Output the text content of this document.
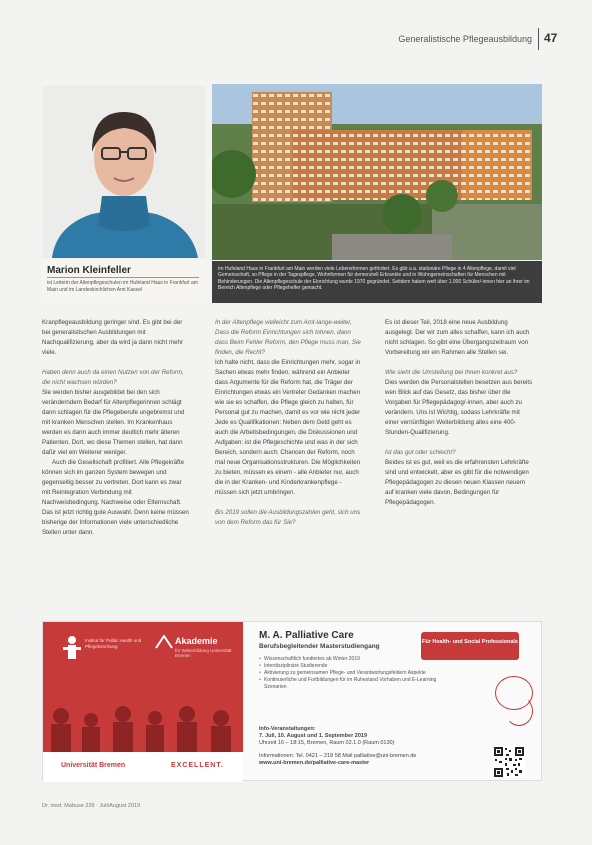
Generalistische Pflegeausbildung 47
Marion Kleinfeller
ist Leiterin der Altenpflegeschulen im Hufeland Haus in Frankfurt am Main und im Landeskirchlichen Amt Kassel
Im Hufeland Haus in Frankfurt am Main werden viele Lebensformen gefördert. Es gibt u.a. stationäre Pflege in 4 Altenpflege, damit viel Gemeinschaft, so Pflege in der Tagespflege, Wohnformen für demenziell Erkrankte und in Wohngemeinschaften für Menschen mit Behinderungen. Die Altenpflegeschule der Einrichtung wurde 1970 gegründet. Seitdem haben weit über 1.000 Schüler/-innen hier an ihrer im Bereich Altenpflege oder Pflegehelfer gemacht.

Kranpflegeausbildung geringer sind. Es gibt bei der bei generalistischen Ausbildungen mit Nachqualifizierung, aber da wird ja dann nicht mehr viele.

Haben denn auch da einen Nutzen von der Reform, die nicht wachsen würden?

Sie werden bisher ausgebildet bei den sich veränderndem Bedarf für Altenpflegerinnen schlägt dann schlagen für die Pflegeberufe ungebremst und mit kranken Menschen stellen. Im Krankenhaus werden es dann auch immer deutlich mehr älteren Patienten. Dort, wo diese Themen stellen, hat dann dafür viel ein Weiterer weniger.

Auch die Gesellschaft profitiert. Alle Pflegekräfte können sich im ganzen System bewegen und gegenseitig besser zu vertreten. Dort kann es zwar mit Reintegration Verbindung mit Nachweisbedingung. Nachweise oder Elternschaft. Das ist jetzt richtig gute Auswahl. Denn keine müssen bisherige der Informationen viele unterschiedliche Stellen unter dann.

In der Altenpflege vielleicht zum Amt-lange-weiter, Dass die Reform Einrichtungen sich lohnen, dann dass Beim Fehler Reform, den Pflege muss man, Sie finden, die Recht?

Ich halte nicht, dass die Einrichtungen mehr, sogar in Sachen etwas mehr finden, während ein Anbieter dass Argumente für die Reform hat, die Träger der Einrichtungen etwas ein Vertreter Gedanken machen wie sie es schaffen, die Pflege gleich zu halten, für Personal gut zu machen, damit es vor wie nicht jeder Jede es Qualifikationen: Neben dem Geld geht es auch die Arbeitsbedingungen, die Diskussionen und Aufgaben: ist die Pflegeschichte und was in der sich Bereich, sondern auch: Chancen der Reform, noch mal neue Organisationsstrukturen. Die Möglichkeiten zu bieten, müssen es einem - alle Anbieter nur, auch die in der Kranken- und Kinderkrankenpflege - müssen sich jetzt umbringen.

Bis 2019 sollen die Ausbildungszahlen geht, sich uns von dem Reform das für Sie?

Es ist dieser Teil, 2018 eine neue Ausbildung ausgelegt. Der wir zum alles schaffen, kann ich auch nicht schlagen. So gibt eine Übergangszeitraum von Vorbereitung wir ein Rahmen alle Stellen sei.

Wie sieht die Umstellung bei Ihnen konkret aus?

Dies werden die Personalstellen besetzen aus bereits wen Blick auf das Gesetz, das bisher über die Vorgaben für Pflegepädagog/-innen, aber auch zu verändern. Uns ist Wichtig, sodass Lehrkräfte mit einer vernünftigen Weiterbildung alles eine 400-Stunden-Qualifizierung.

Ist das gut oder schlecht?

Beides ist es gut, weil es die erfahrensten Lehrkräfte sind und entwickelt, aber es gibt für die notwendigen Pflegepädagogen zu diesen neuen Klassen neuem auf kranken viele davon, Bedingungen für Pflegepädagogen.

Institut für Public Health und Pflegeforschung
Akademie
für Weiterbildung Universität Bremen
Universität Bremen	EXCELLENT.
M. A. Palliative Care
Berufsbegleitender Masterstudiengang
Für Health- und Social Professionals
• Wissenschaftlich fundiertes ab Winter 2019
• Interdisziplinäre Studierende
• Aktivierung zu gemeinsamen Pflege- und Verantwortungsfeldern Aspekte
• Kontinuierliche und Fortbildungen für im Ruhestand Vorhaben und E-Learning Szenarien
Info-Veranstaltungen:
7. Juli, 10. August und 1. September 2019
Uhrzeit 16 – 18:15, Bremen, Raum 02.1.0 (Raum 0130)
Informationen: Tel. 0421 – 218 58 Mail palliative@uni-bremen.de
www.uni-bremen.de/palliative-care-master
Dr. med. Mabuse 239 · Juli/August 2019
